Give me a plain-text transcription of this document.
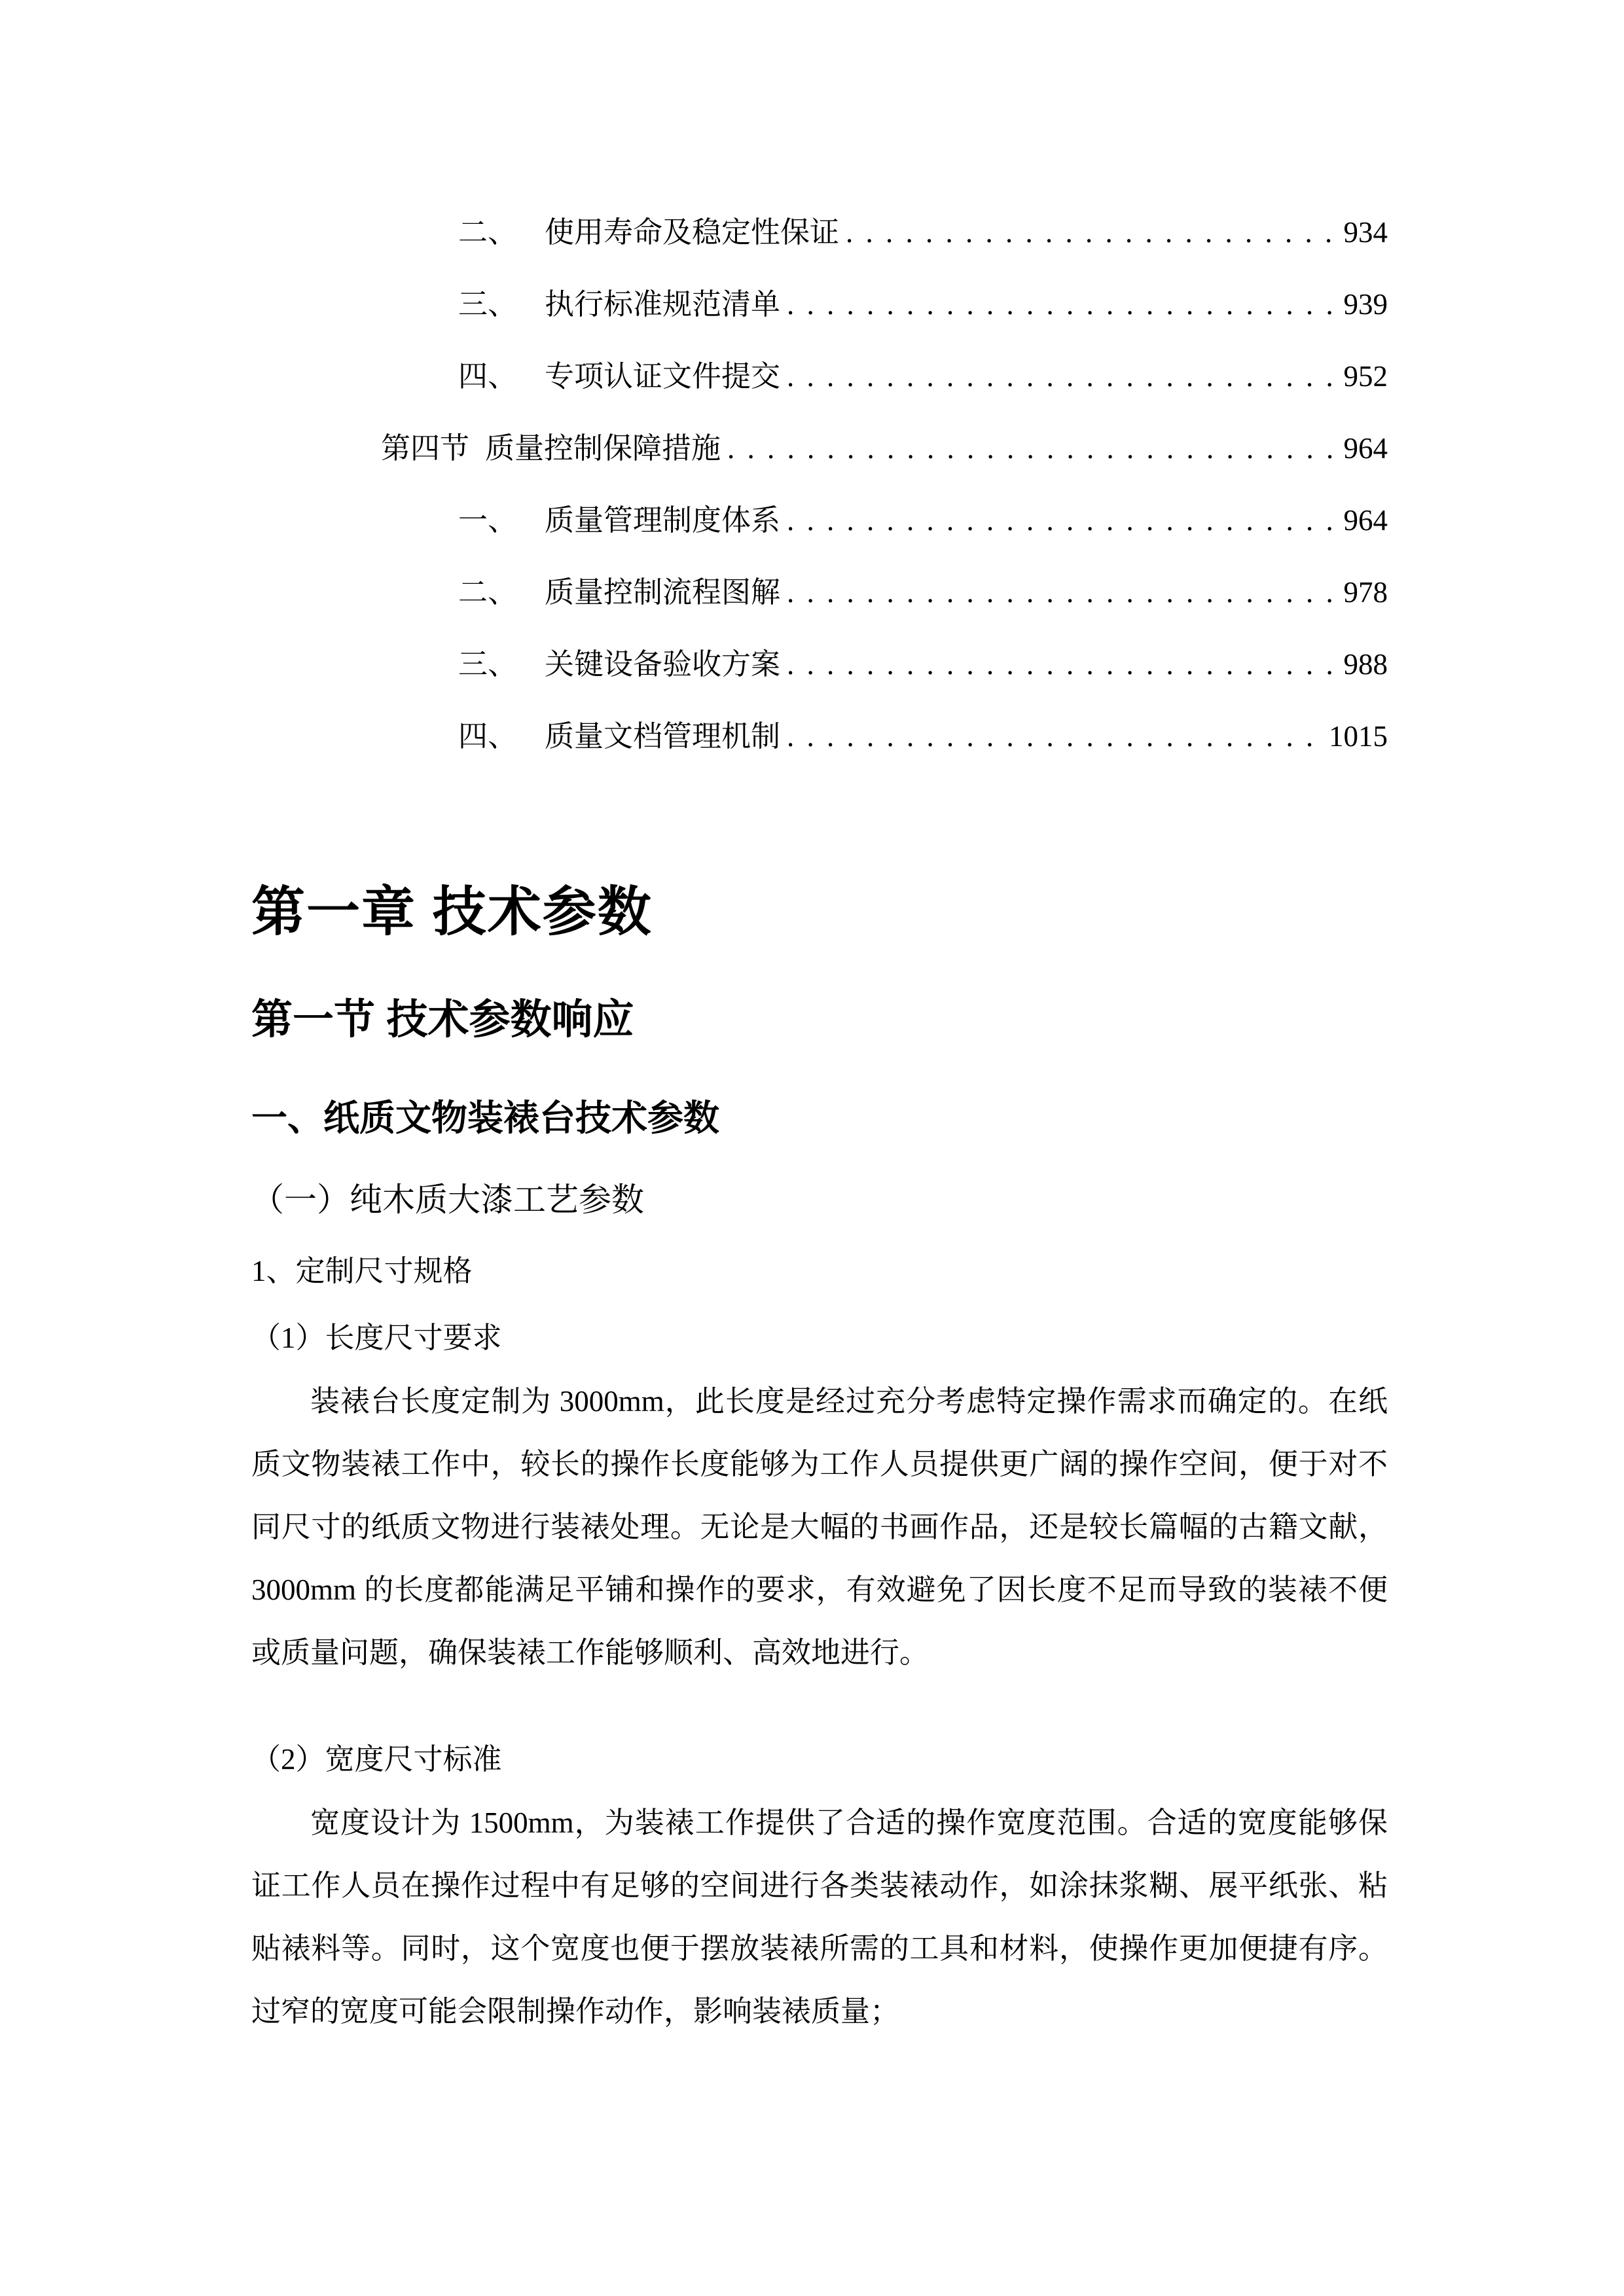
二、 使用寿命及稳定性保证 . . .	934
三、 执行标准规范清单 . . .	939
四、 专项认证文件提交 . . .	952
第四节 质量控制保障措施 . . .	964
一、 质量管理制度体系 . . .	964
二、 质量控制流程图解 . . .	978
三、 关键设备验收方案 . . .	988
四、 质量文档管理机制 . . .	1015
第一章 技术参数
第一节 技术参数响应
一、纸质文物装裱台技术参数
（一）纯木质大漆工艺参数
1、定制尺寸规格
（1）长度尺寸要求

装裱台长度定制为 3000mm，此长度是经过充分考虑特定操作需求而确定的。在纸质文物装裱工作中，较长的操作长度能够为工作人员提供更广阔的操作空间，便于对不同尺寸的纸质文物进行装裱处理。无论是大幅的书画作品，还是较长篇幅的古籍文献，3000mm 的长度都能满足平铺和操作的要求，有效避免了因长度不足而导致的装裱不便或质量问题，确保装裱工作能够顺利、高效地进行。

（2）宽度尺寸标准

宽度设计为 1500mm，为装裱工作提供了合适的操作宽度范围。合适的宽度能够保证工作人员在操作过程中有足够的空间进行各类装裱动作，如涂抹浆糊、展平纸张、粘贴裱料等。同时，这个宽度也便于摆放装裱所需的工具和材料，使操作更加便捷有序。过窄的宽度可能会限制操作动作，影响装裱质量；
